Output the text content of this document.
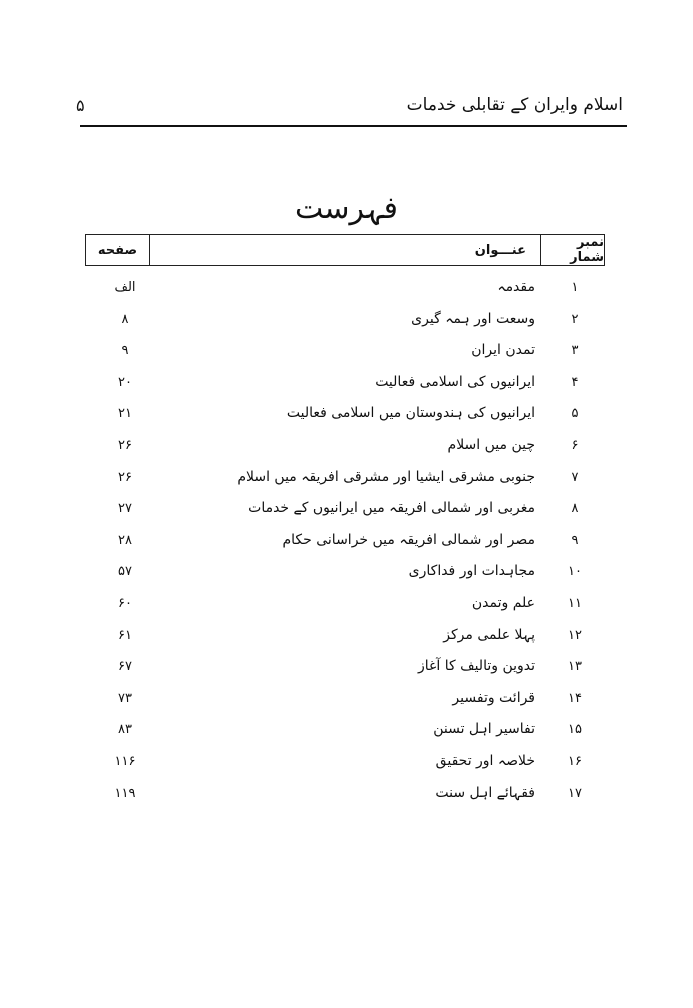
اسلام وایران کے تقابلی خدمات
۵
فہرست
صفحه	عنـــوان	نمبر شمار
الف	مقدمہ	۱
۸	وسعت اور ہمہ گیری	۲
۹	تمدن ایران	۳
۲۰	ایرانیوں کی اسلامی فعالیت	۴
۲۱	ایرانیوں کی ہندوستان میں اسلامی فعالیت	۵
۲۶	چین میں اسلام	۶
۲۶	جنوبی مشرقی ایشیا اور مشرقی افریقہ میں اسلام	۷
۲۷	مغربی اور شمالی افریقہ میں ایرانیوں کے خدمات	۸
۲۸	مصر اور شمالی افریقہ میں خراسانی حکام	۹
۵۷	مجاہدات اور فداکاری	۱۰
۶۰	علم وتمدن	۱۱
۶۱	پہلا علمی مرکز	۱۲
۶۷	تدوین وتالیف کا آغاز	۱۳
۷۳	قرائت وتفسیر	۱۴
۸۳	تفاسیر اہل تسنن	۱۵
۱۱۶	خلاصہ اور تحقیق	۱۶
۱۱۹	فقہائے اہل سنت	۱۷
